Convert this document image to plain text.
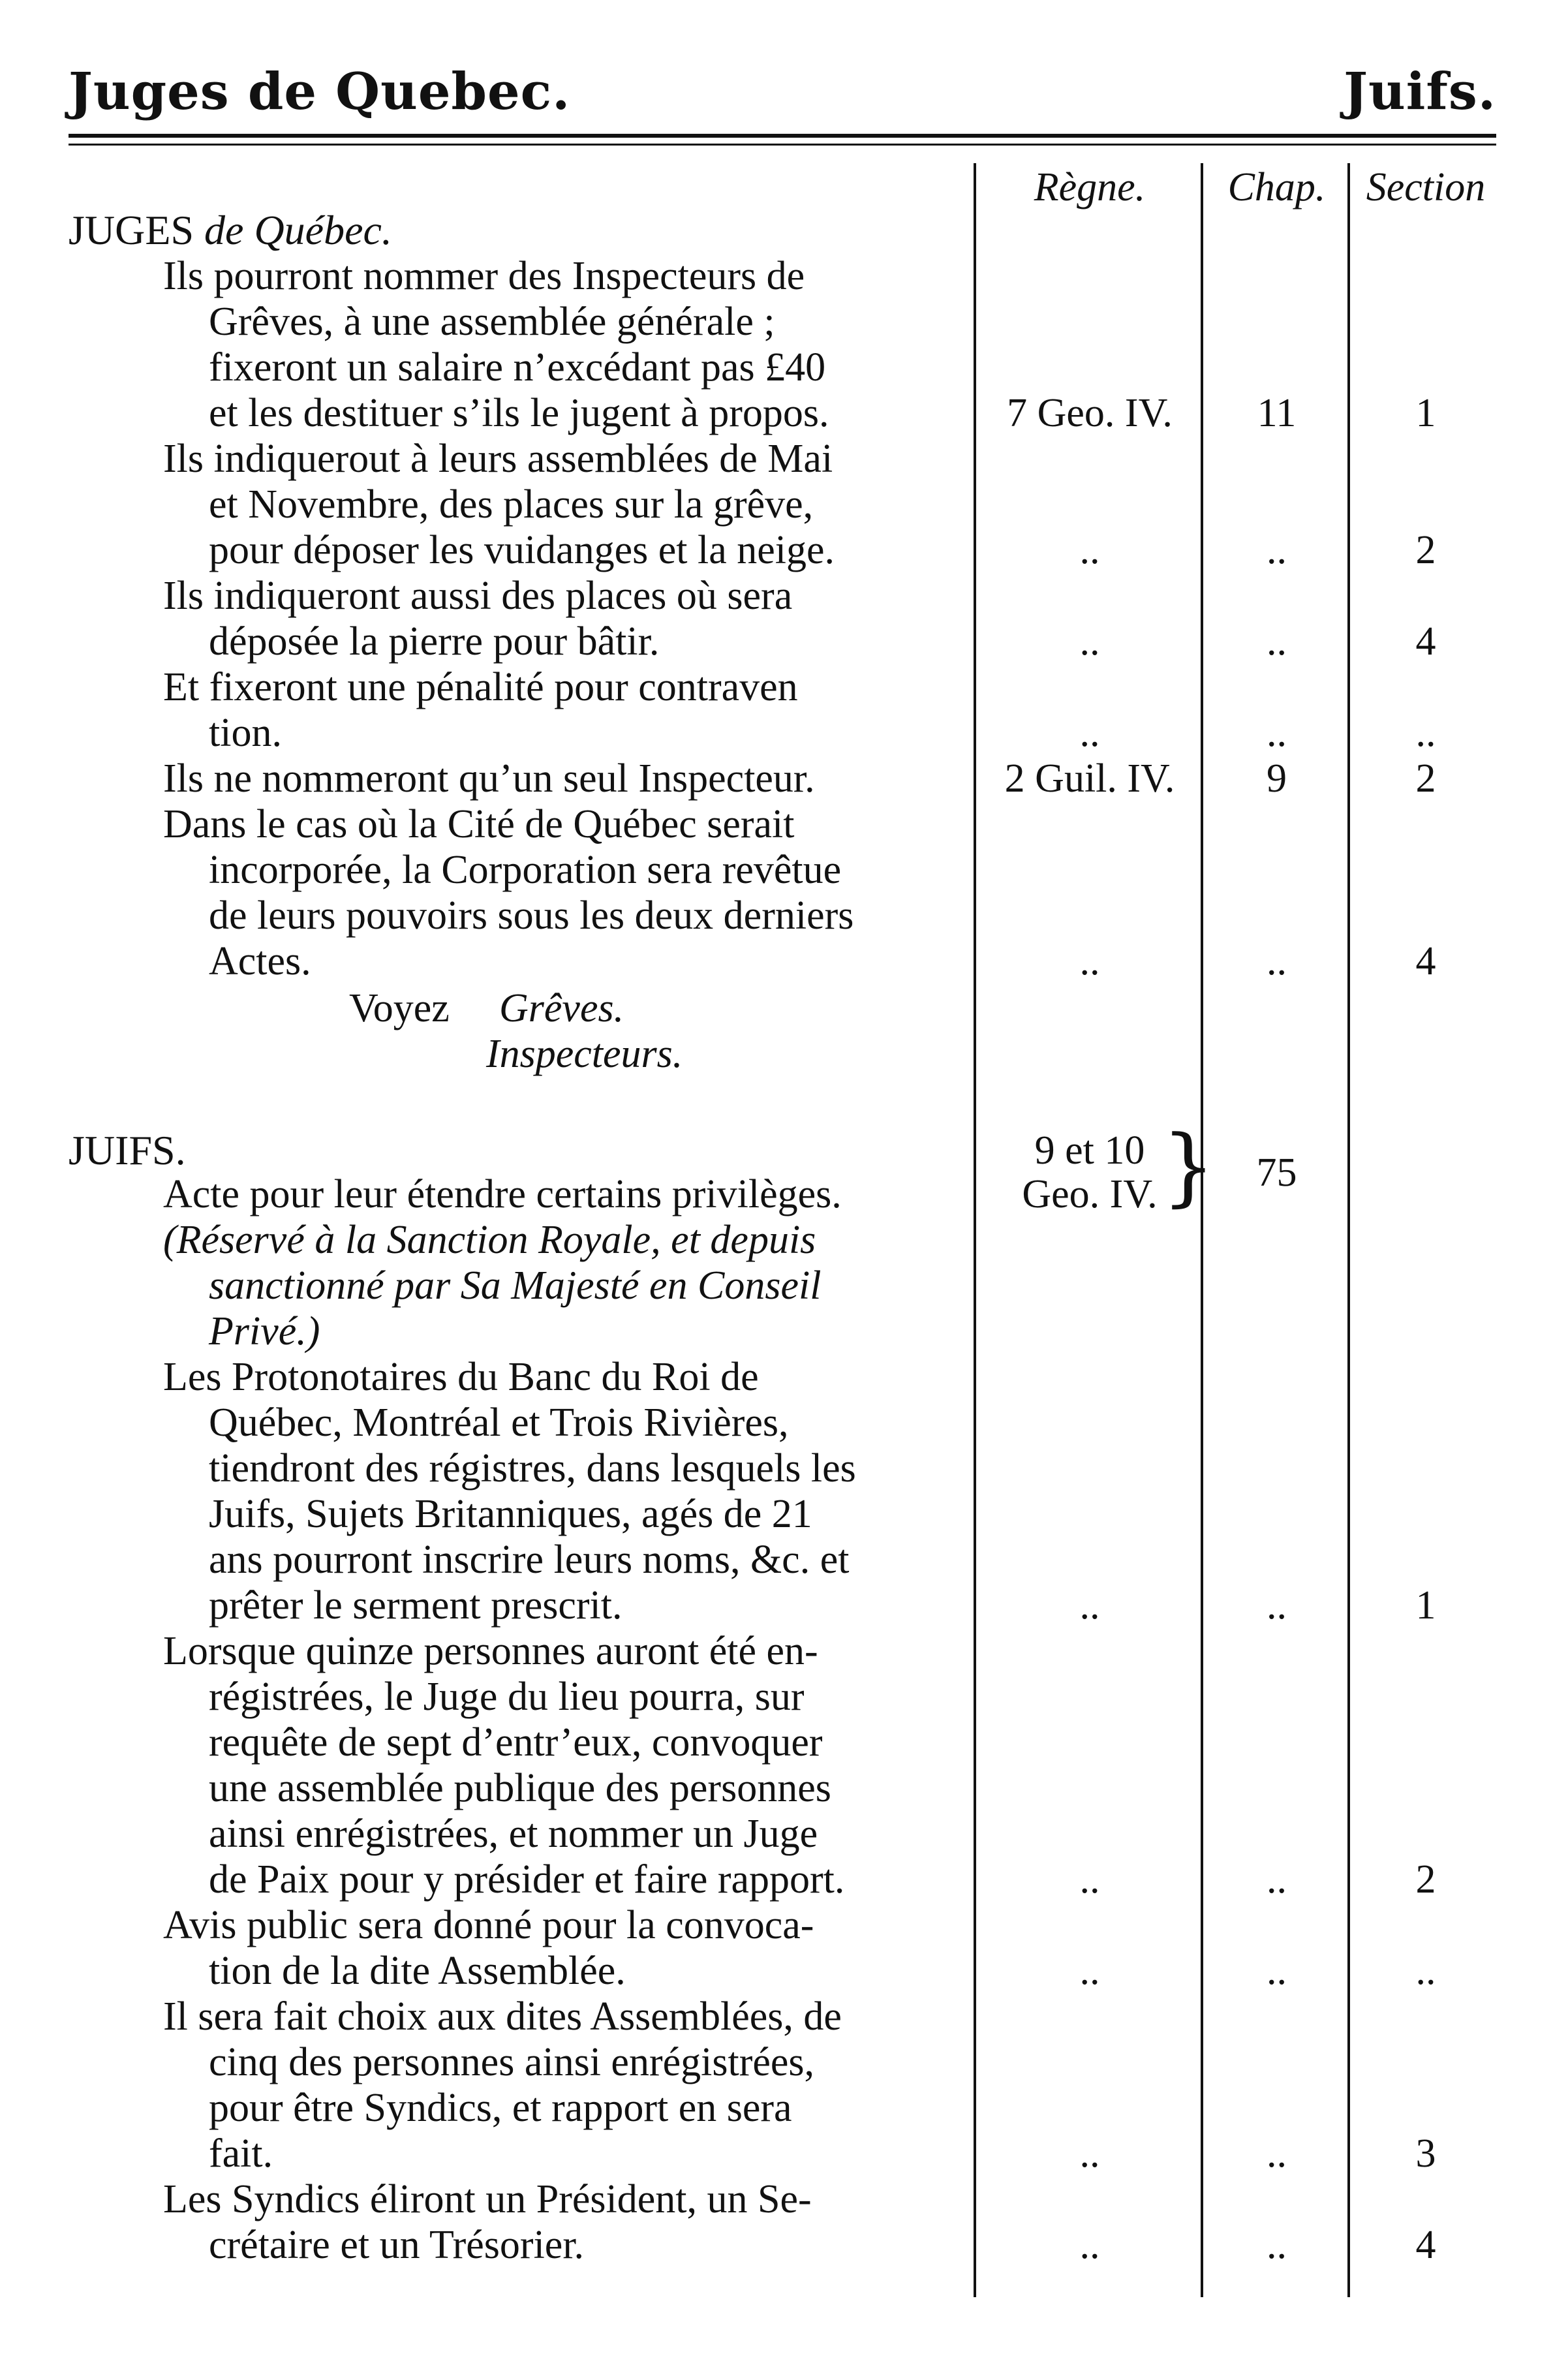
Juges de Quebec.	Juifs.
Règne.	Chap.	Section
JUGES de Québec.
Ils pourront nommer des Inspecteurs de
Grêves, à une assemblée générale ;
fixeront un salaire n’excédant pas £40
et les destituer s’ils le jugent à propos.	7 Geo. IV.	11	1
Ils indiquerout à leurs assemblées de Mai
et Novembre, des places sur la grêve,
pour déposer les vuidanges et la neige.	..	..	2
Ils indiqueront aussi des places où sera
déposée la pierre pour bâtir.	..	..	4
Et fixeront une pénalité pour contraven
tion.	..	..	..
Ils ne nommeront qu’un seul Inspecteur.	2 Guil. IV.	9	2
Dans le cas où la Cité de Québec serait
incorporée, la Corporation sera revêtue
de leurs pouvoirs sous les deux derniers
Actes.	..	..	4
Voyez Grêves.
Inspecteurs.
JUIFS.
Acte pour leur étendre certains privilèges.
9 et 10
Geo. IV. }	75
(Réservé à la Sanction Royale, et depuis
sanctionné par Sa Majesté en Conseil
Privé.)
Les Protonotaires du Banc du Roi de
Québec, Montréal et Trois Rivières,
tiendront des régistres, dans lesquels les
Juifs, Sujets Britanniques, agés de 21
ans pourront inscrire leurs noms, &c. et
prêter le serment prescrit.	..	..	1
Lorsque quinze personnes auront été en-
régistrées, le Juge du lieu pourra, sur
requête de sept d’entr’eux, convoquer
une assemblée publique des personnes
ainsi enrégistrées, et nommer un Juge
de Paix pour y présider et faire rapport.	..	..	2
Avis public sera donné pour la convoca-
tion de la dite Assemblée.	..	..	..
Il sera fait choix aux dites Assemblées, de
cinq des personnes ainsi enrégistrées,
pour être Syndics, et rapport en sera
fait.	..	..	3
Les Syndics éliront un Président, un Se-
crétaire et un Trésorier.	..	..	4
